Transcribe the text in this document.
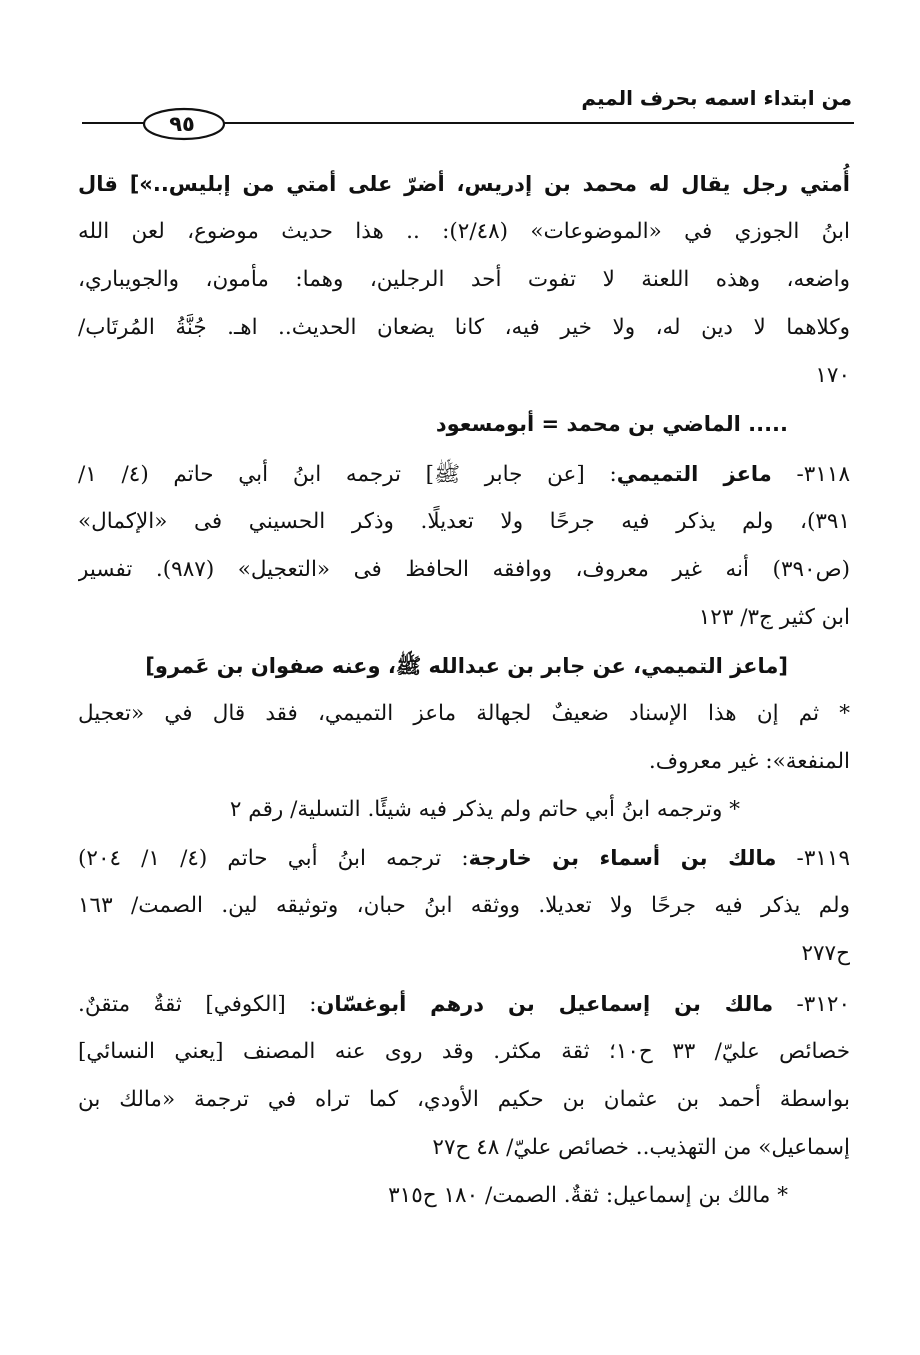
من ابتداء اسمه بحرف الميم
٩٥
أُمتي رجل يقال له محمد بن إدريس، أضرّ على أمتي من إبليس..»] قال
ابنُ الجوزي في «الموضوعات» (٢/٤٨): .. هذا حديث موضوع، لعن الله
واضعه، وهذه اللعنة لا تفوت أحد الرجلين، وهما: مأمون، والجويباري،
وكلاهما لا دين له، ولا خير فيه، كانا يضعان الحديث.. اهـ. جُنَّةُ المُرتَاب/
١٧٠
..... الماضي بن محمد = أبومسعود
٣١١٨- ماعز التميمي: [عن جابر ﷺ] ترجمه ابنُ أبي حاتم (٤/ ١/
٣٩١)، ولم يذكر فيه جرحًا ولا تعديلًا. وذكر الحسيني فى «الإكمال»
(ص٣٩٠) أنه غير معروف، ووافقه الحافظ فى «التعجيل» (٩٨٧). تفسير
ابن كثير ج٣/ ١٢٣
[ماعز التميمي، عن جابر بن عبدالله ﷺ، وعنه صفوان بن عَمرو]
* ثم إن هذا الإسناد ضعيفٌ لجهالة ماعز التميمي، فقد قال في «تعجيل
المنفعة»: غير معروف.
* وترجمه ابنُ أبي حاتم ولم يذكر فيه شيئًا. التسلية/ رقم ٢
٣١١٩- مالك بن أسماء بن خارجة: ترجمه ابنُ أبي حاتم (٤/ ١/ ٢٠٤)
ولم يذكر فيه جرحًا ولا تعديلا. ووثقه ابنُ حبان، وتوثيقه لين. الصمت/ ١٦٣
ح٢٧٧
٣١٢٠- مالك بن إسماعيل بن درهم أبوغسّان: [الكوفي] ثقةٌ متقنٌ.
خصائص عليّ/ ٣٣ ح١٠؛ ثقة مكثر. وقد روى عنه المصنف [يعني النسائي]
بواسطة أحمد بن عثمان بن حكيم الأودي، كما تراه في ترجمة «مالك بن
إسماعيل» من التهذيب.. خصائص عليّ/ ٤٨ ح٢٧
* مالك بن إسماعيل: ثقةٌ. الصمت/ ١٨٠ ح٣١٥
